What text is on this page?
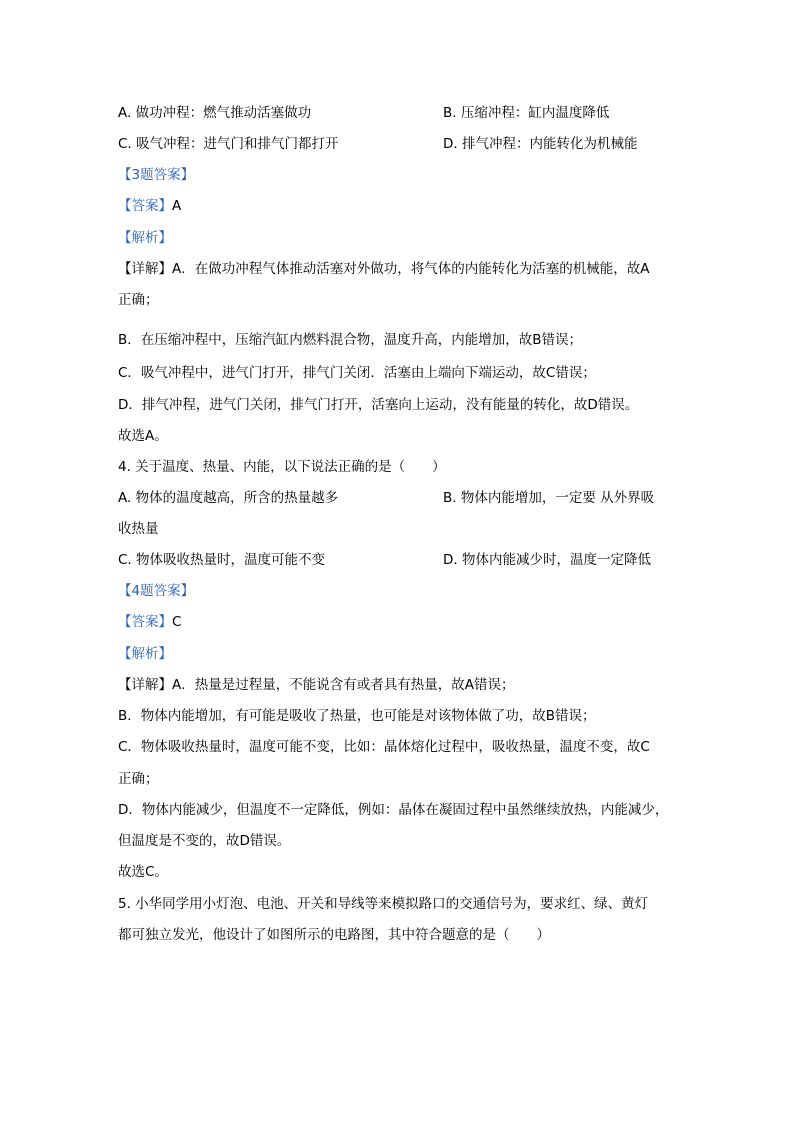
A. 做功冲程：燃气推动活塞做功	B. 压缩冲程：缸内温度降低
C. 吸气冲程：进气门和排气门都打开	D. 排气冲程：内能转化为机械能
【3题答案】
【答案】A
【解析】
【详解】A．在做功冲程气体推动活塞对外做功，将气体的内能转化为活塞的机械能，故A
正确；
B．在压缩冲程中，压缩汽缸内燃料混合物，温度升高，内能增加，故B错误；
C．吸气冲程中，进气门打开，排气门关闭．活塞由上端向下端运动，故C错误；
D．排气冲程，进气门关闭，排气门打开，活塞向上运动，没有能量的转化，故D错误。
故选A。
4. 关于温度、热量、内能，以下说法正确的是（　　）
A. 物体的温度越高，所含的热量越多	B. 物体内能增加，一定要 从外界吸
收热量
C. 物体吸收热量时，温度可能不变	D. 物体内能减少时，温度一定降低
【4题答案】
【答案】C
【解析】
【详解】A．热量是过程量，不能说含有或者具有热量，故A错误；
B．物体内能增加，有可能是吸收了热量，也可能是对该物体做了功，故B错误；
C．物体吸收热量时，温度可能不变，比如：晶体熔化过程中，吸收热量，温度不变，故C
正确；
D．物体内能减少，但温度不一定降低，例如：晶体在凝固过程中虽然继续放热，内能减少，
但温度是不变的，故D错误。
故选C。
5. 小华同学用小灯泡、电池、开关和导线等来模拟路口的交通信号为，要求红、绿、黄灯
都可独立发光，他设计了如图所示的电路图，其中符合题意的是（　　）
